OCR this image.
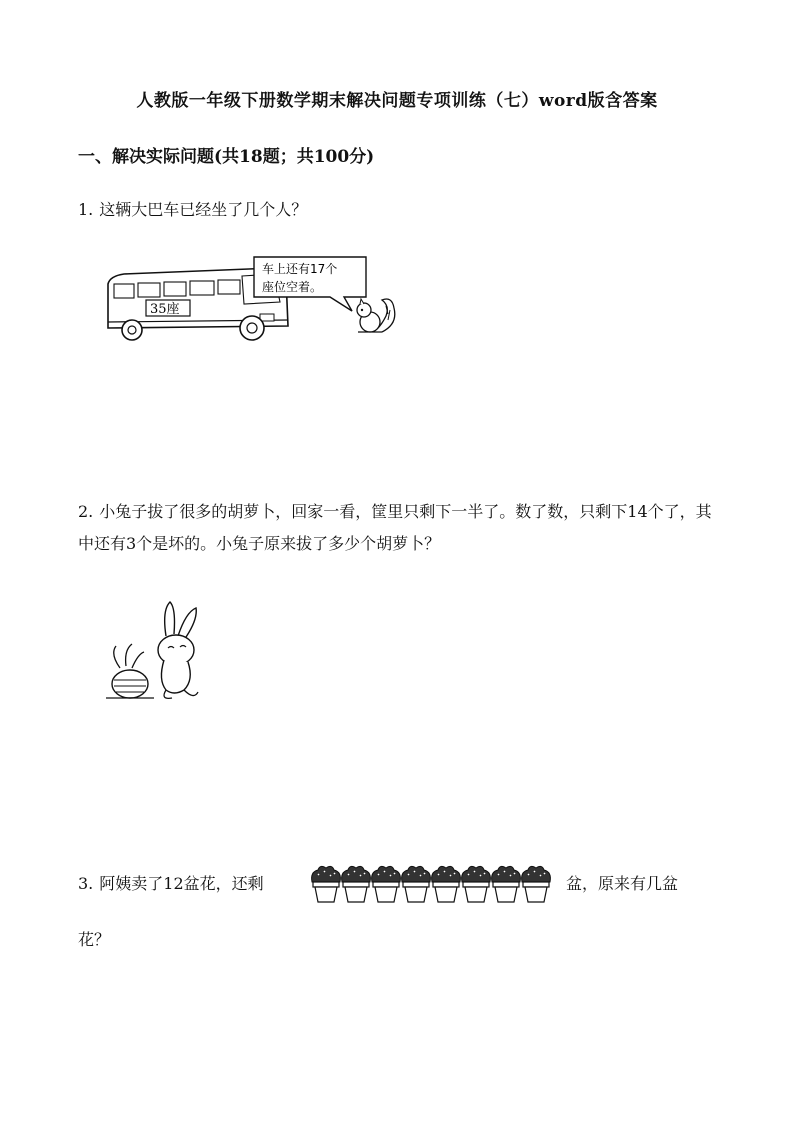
人教版一年级下册数学期末解决问题专项训练（七）word版含答案
一、解决实际问题(共18题；共100分)
1. 这辆大巴车已经坐了几个人？
35座
车上还有17个
座位空着。
2. 小兔子拔了很多的胡萝卜，回家一看，筐里只剩下一半了。数了数，只剩下14个了，其中还有3个是坏的。小兔子原来拔了多少个胡萝卜？
3. 阿姨卖了12盆花，还剩	盆，原来有几盆
花？
